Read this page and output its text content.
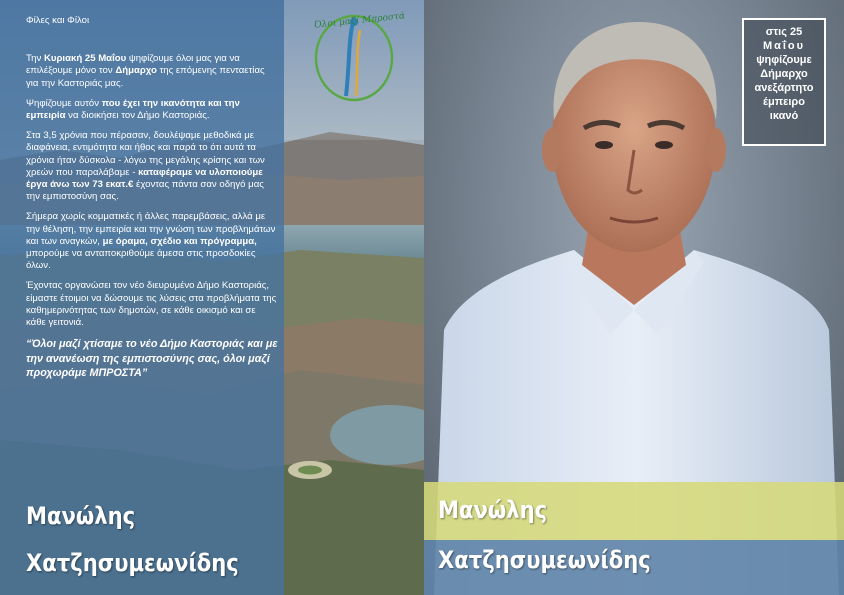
Όλοι μαζί Μπροστά

Φίλες και Φίλοι

Την Κυριακή 25 Μαΐου ψηφίζουμε όλοι μας για να επιλέξουμε μόνο τον Δήμαρχο της επόμενης πενταετίας για την Καστοριάς μας.

Ψηφίζουμε αυτόν που έχει την ικανότητα και την εμπειρία να διοικήσει τον Δήμο Καστοριάς.

Στα 3,5 χρόνια που πέρασαν, δουλέψαμε μεθοδικά με διαφάνεια, εντιμότητα και ήθος και παρά το ότι αυτά τα χρόνια ήταν δύσκολα - λόγω της μεγάλης κρίσης και των χρεών που παραλάβαμε - καταφέραμε να υλοποιούμε έργα άνω των 73 εκατ.€ έχοντας πάντα σαν οδηγό μας την εμπιστοσύνη σας.

Σήμερα χωρίς κομματικές ή άλλες παρεμβάσεις, αλλά με την θέληση, την εμπειρία και την γνώση των προβλημάτων και των αναγκών, με όραμα, σχέδιο και πρόγραμμα, μπορούμε να ανταποκριθούμε άμεσα στις προσδοκίες όλων.

Έχοντας οργανώσει τον νέο διευρυμένο Δήμο Καστοριάς, είμαστε έτοιμοι να δώσουμε τις λύσεις στα προβλήματα της καθημερινότητας των δημοτών, σε κάθε οικισμό και σε κάθε γειτονιά.

“Όλοι μαζί χτίσαμε το νέο Δήμο Καστοριάς και με την ανανέωση της εμπιστοσύνης σας, όλοι μαζί προχωράμε ΜΠΡΟΣΤΑ”

Μανώλης
Χατζησυμεωνίδης
στις 25
Μαΐου
ψηφίζουμε
Δήμαρχο
ανεξάρτητο
έμπειρο
ικανό
Μανώλης
Χατζησυμεωνίδης
